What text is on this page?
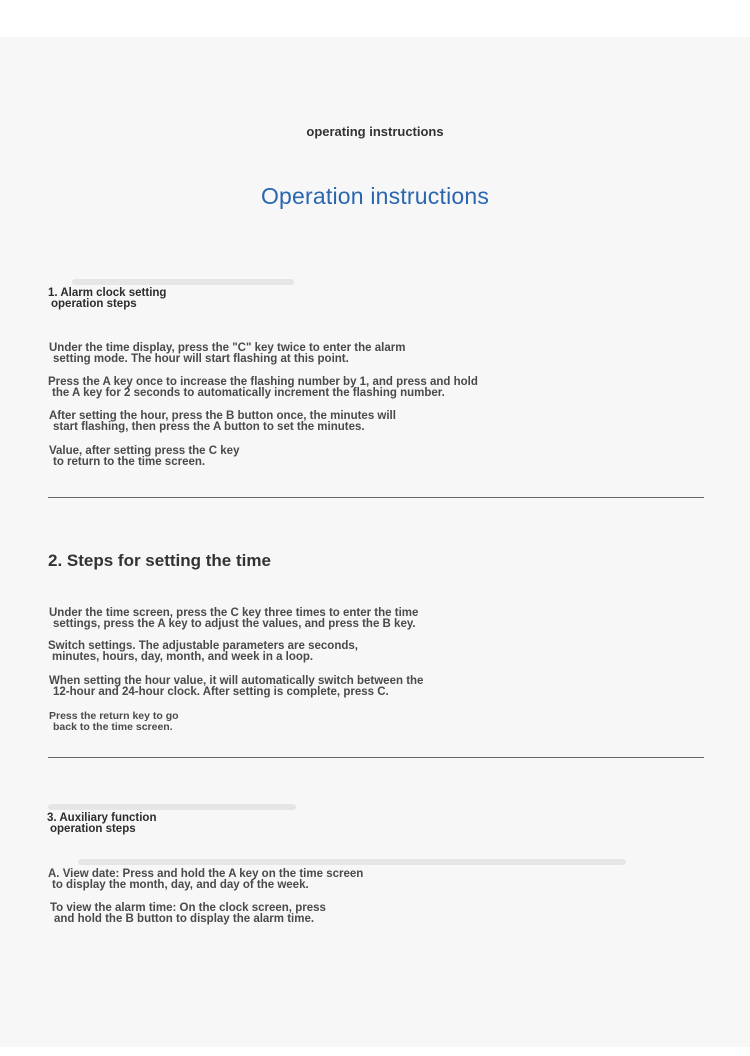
operating instructions
Operation instructions
1. Alarm clock setting
operation steps
Under the time display, press the "C" key twice to enter the alarm
setting mode. The hour will start flashing at this point.
Press the A key once to increase the flashing number by 1, and press and hold
the A key for 2 seconds to automatically increment the flashing number.
After setting the hour, press the B button once, the minutes will
start flashing, then press the A button to set the minutes.
Value, after setting press the C key
to return to the time screen.
2. Steps for setting the time
Under the time screen, press the C key three times to enter the time
settings, press the A key to adjust the values, and press the B key.
Switch settings. The adjustable parameters are seconds,
minutes, hours, day, month, and week in a loop.
When setting the hour value, it will automatically switch between the
12-hour and 24-hour clock. After setting is complete, press C.
Press the return key to go
back to the time screen.
3. Auxiliary function
operation steps
A. View date: Press and hold the A key on the time screen
to display the month, day, and day of the week.
To view the alarm time: On the clock screen, press
and hold the B button to display the alarm time.
